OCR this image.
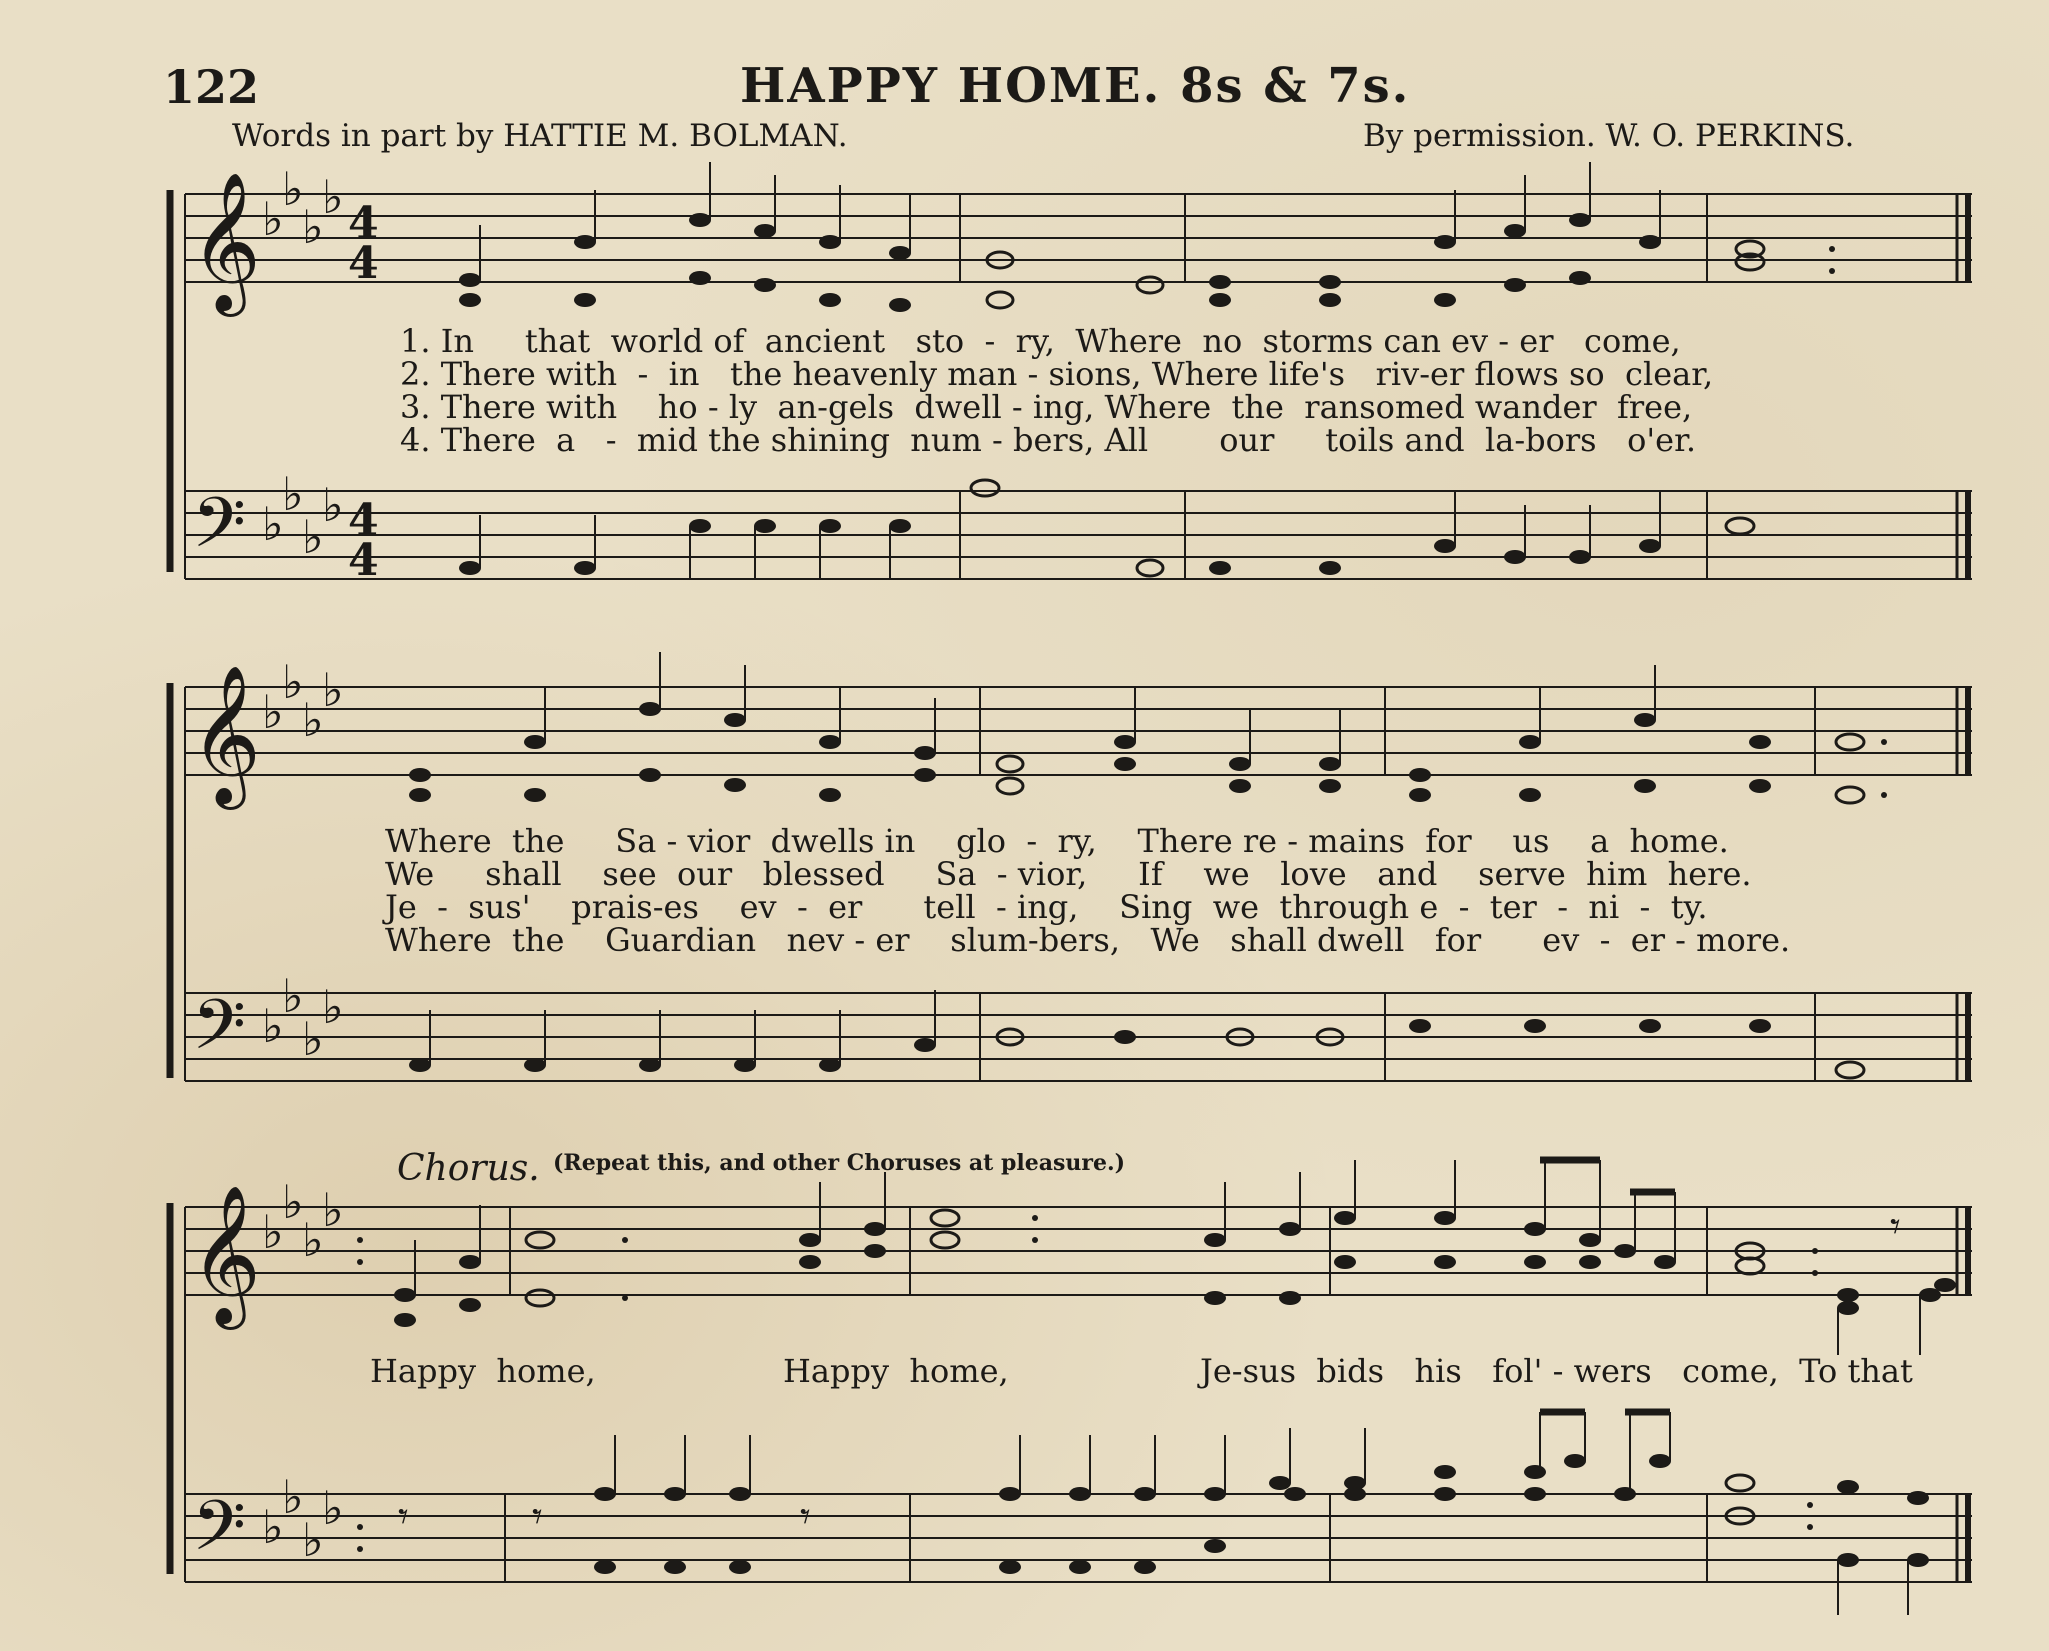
122	HAPPY HOME. 8s & 7s.
Words in part by HATTIE M. BOLMAN.	By permission. W. O. PERKINS.
𝄞
𝄢
♭
♭
♭
♭
♭
♭
♭
♭
4
4
4
4
𝄞
𝄢
♭
♭
♭
♭
♭
♭
♭
♭
𝄞
𝄢
♭
♭
♭
♭
♭
♭
♭
♭ 𝄾	𝄾	𝄾
𝄾
1. In     that  world of  ancient   sto  -  ry,  Where  no  storms can ev - er   come,
2. There with  -  in   the heavenly man - sions, Where life's   riv-er flows so  clear,
3. There with    ho - ly  an-gels  dwell - ing, Where  the  ransomed wander  free,
4. There  a   -  mid the shining  num - bers, All       our     toils and  la-bors   o'er.
Where  the     Sa - vior  dwells in    glo  -  ry,    There re - mains  for    us    a  home.
We     shall    see  our   blessed     Sa  - vior,     If    we   love   and    serve  him  here.
Je  -  sus'    prais-es    ev  -  er      tell  - ing,    Sing  we  through e  -  ter  -  ni  -  ty.
Where  the    Guardian   nev - er    slum-bers,   We   shall dwell   for      ev  -  er - more.
Chorus. (Repeat this, and other Choruses at pleasure.)
Happy  home,	Happy  home,	Je-sus  bids   his   fol' - wers   come,  To that
